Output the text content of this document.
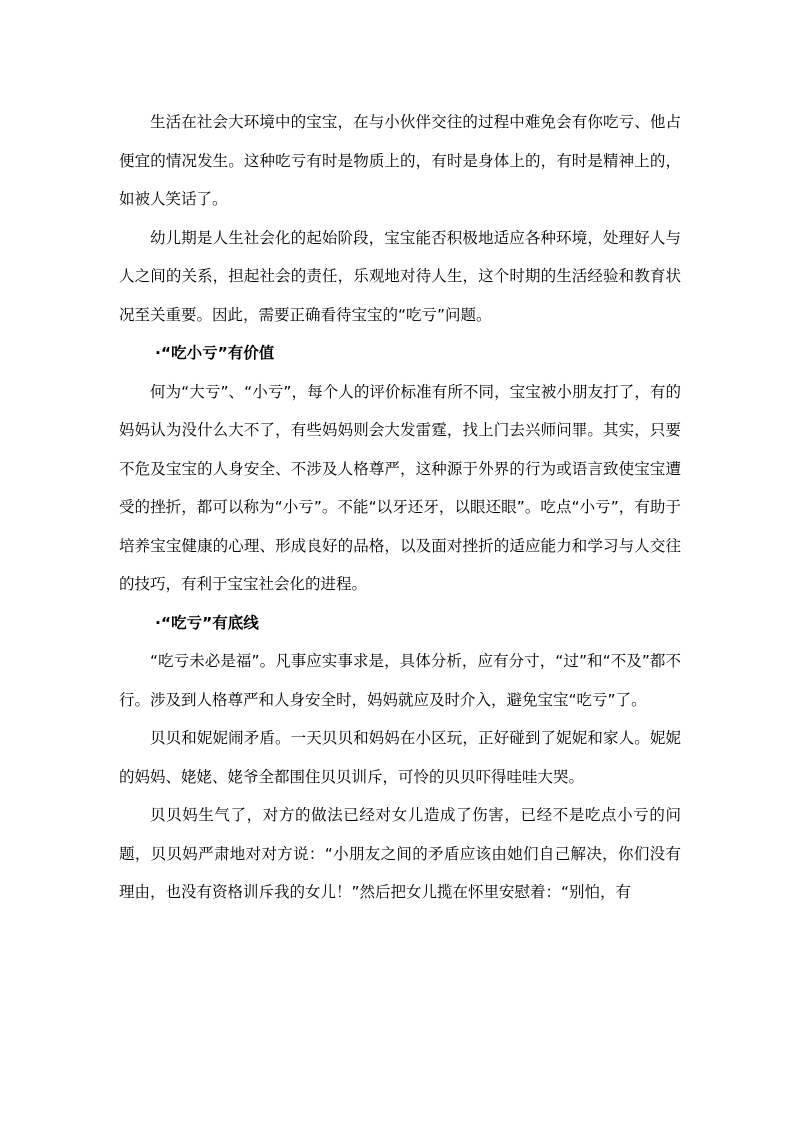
生活在社会大环境中的宝宝，在与小伙伴交往的过程中难免会有你吃亏、他占便宜的情况发生。这种吃亏有时是物质上的，有时是身体上的，有时是精神上的，如被人笑话了。

幼儿期是人生社会化的起始阶段，宝宝能否积极地适应各种环境，处理好人与人之间的关系，担起社会的责任，乐观地对待人生，这个时期的生活经验和教育状况至关重要。因此，需要正确看待宝宝的“吃亏”问题。

·“吃小亏”有价值

何为“大亏”、“小亏”，每个人的评价标准有所不同，宝宝被小朋友打了，有的妈妈认为没什么大不了，有些妈妈则会大发雷霆，找上门去兴师问罪。其实，只要不危及宝宝的人身安全、不涉及人格尊严，这种源于外界的行为或语言致使宝宝遭受的挫折，都可以称为“小亏”。不能“以牙还牙，以眼还眼”。吃点“小亏”，有助于培养宝宝健康的心理、形成良好的品格，以及面对挫折的适应能力和学习与人交往的技巧，有利于宝宝社会化的进程。

·“吃亏”有底线

“吃亏未必是福”。凡事应实事求是，具体分析，应有分寸，“过”和“不及”都不行。涉及到人格尊严和人身安全时，妈妈就应及时介入，避免宝宝“吃亏”了。

贝贝和妮妮闹矛盾。一天贝贝和妈妈在小区玩，正好碰到了妮妮和家人。妮妮的妈妈、姥姥、姥爷全都围住贝贝训斥，可怜的贝贝吓得哇哇大哭。

贝贝妈生气了，对方的做法已经对女儿造成了伤害，已经不是吃点小亏的问题，贝贝妈严肃地对对方说：“小朋友之间的矛盾应该由她们自己解决，你们没有理由，也没有资格训斥我的女儿！”然后把女儿揽在怀里安慰着：“别怕，有
